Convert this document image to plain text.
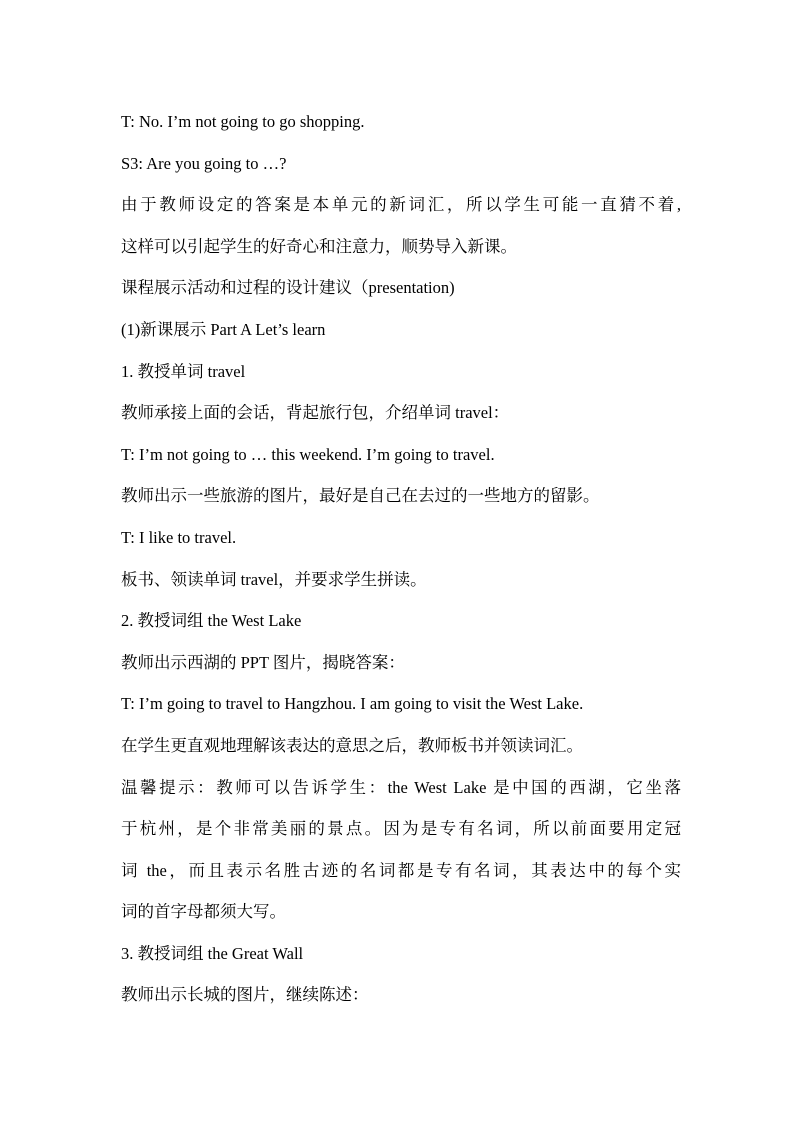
T: No. I’m not going to go shopping.
S3: Are you going to …?
由于教师设定的答案是本单元的新词汇，所以学生可能一直猜不着,
这样可以引起学生的好奇心和注意力，顺势导入新课。
课程展示活动和过程的设计建议（presentation)
(1)新课展示 Part A Let’s learn
1. 教授单词 travel
教师承接上面的会话，背起旅行包，介绍单词 travel：
T: I’m not going to … this weekend. I’m going to travel.
教师出示一些旅游的图片，最好是自己在去过的一些地方的留影。
T: I like to travel.
板书、领读单词 travel，并要求学生拼读。
2. 教授词组 the West Lake
教师出示西湖的 PPT 图片，揭晓答案：
T: I’m going to travel to Hangzhou. I am going to visit the West Lake.
在学生更直观地理解该表达的意思之后，教师板书并领读词汇。
温馨提示：教师可以告诉学生：the West Lake 是中国的西湖，它坐落
于杭州，是个非常美丽的景点。因为是专有名词，所以前面要用定冠
词 the，而且表示名胜古迹的名词都是专有名词，其表达中的每个实
词的首字母都须大写。
3. 教授词组 the Great Wall
教师出示长城的图片，继续陈述：
